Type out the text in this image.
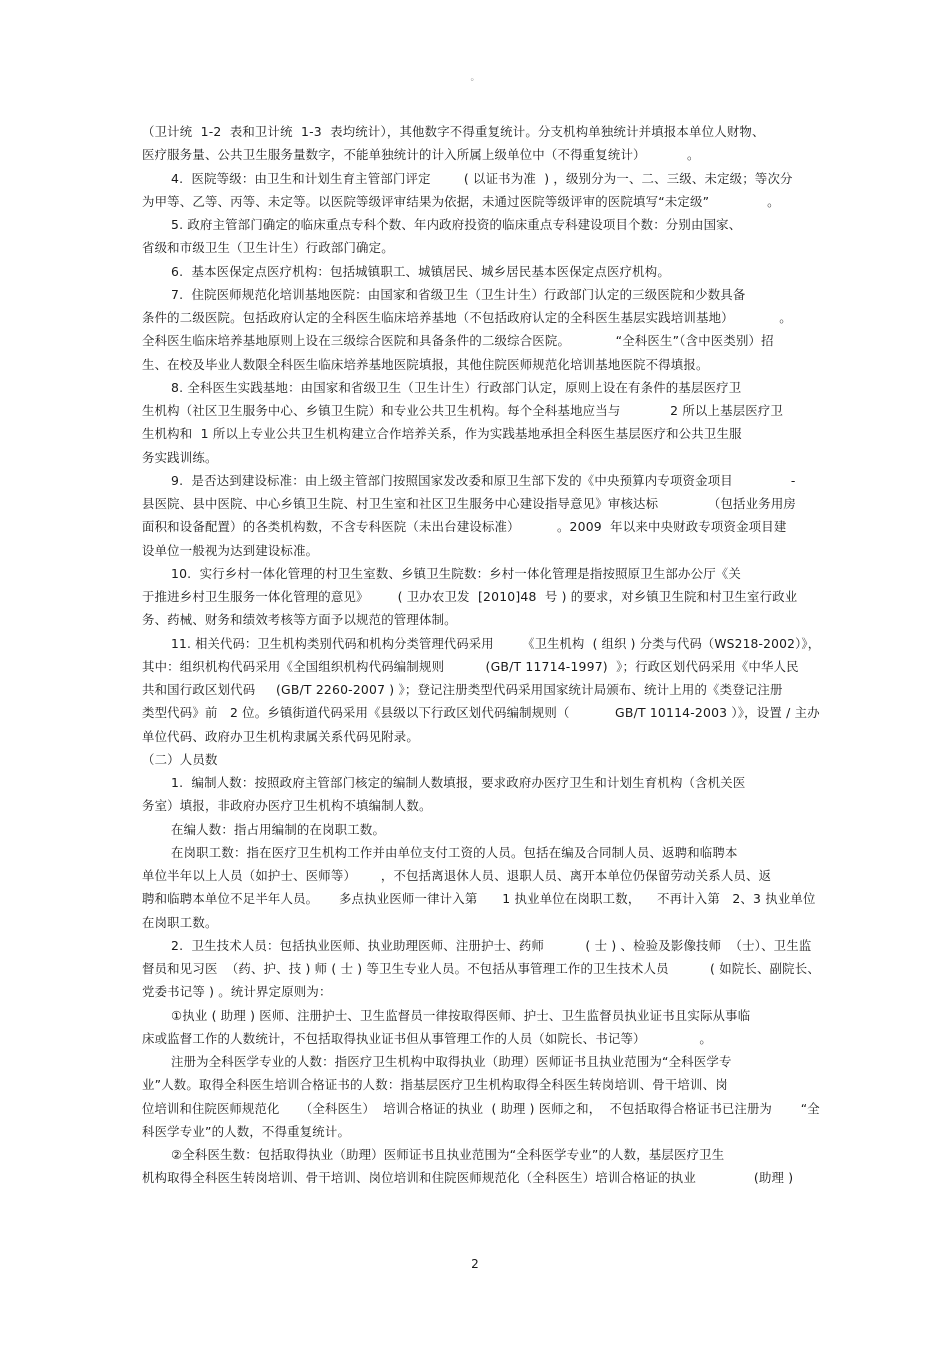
。
（卫计统  1-2  表和卫计统  1-3  表均统计），其他数字不得重复统计。分支机构单独统计并填报本单位人财物、
医疗服务量、公共卫生服务量数字，不能单独统计的计入所属上级单位中（不得重复统计）          。
4.  医院等级：由卫生和计划生育主管部门评定        ( 以证书为准  ) ，级别分为一、二、三级、未定级；等次分
为甲等、乙等、丙等、未定等。以医院等级评审结果为依据，未通过医院等级评审的医院填写“未定级”              。
5. 政府主管部门确定的临床重点专科个数、年内政府投资的临床重点专科建设项目个数：分别由国家、
省级和市级卫生（卫生计生）行政部门确定。
6.  基本医保定点医疗机构：包括城镇职工、城镇居民、城乡居民基本医保定点医疗机构。
7.  住院医师规范化培训基地医院：由国家和省级卫生（卫生计生）行政部门认定的三级医院和少数具备
条件的二级医院。包括政府认定的全科医生临床培养基地（不包括政府认定的全科医生基层实践培训基地）           。
全科医生临床培养基地原则上设在三级综合医院和具备条件的二级综合医院。           “全科医生”（含中医类别）招
生、在校及毕业人数限全科医生临床培养基地医院填报，其他住院医师规范化培训基地医院不得填报。
8. 全科医生实践基地：由国家和省级卫生（卫生计生）行政部门认定，原则上设在有条件的基层医疗卫
生机构（社区卫生服务中心、乡镇卫生院）和专业公共卫生机构。每个全科基地应当与            2 所以上基层医疗卫
生机构和  1 所以上专业公共卫生机构建立合作培养关系，作为实践基地承担全科医生基层医疗和公共卫生服
务实践训练。
9.  是否达到建设标准：由上级主管部门按照国家发改委和原卫生部下发的《中央预算内专项资金项目              -
县医院、县中医院、中心乡镇卫生院、村卫生室和社区卫生服务中心建设指导意见》审核达标            （包括业务用房
面积和设备配置）的各类机构数，不含专科医院（未出台建设标准）         。2009  年以来中央财政专项资金项目建
设单位一般视为达到建设标准。
10.  实行乡村一体化管理的村卫生室数、乡镇卫生院数：乡村一体化管理是指按照原卫生部办公厅《关
于推进乡村卫生服务一体化管理的意见》       ( 卫办农卫发  [2010]48  号 ) 的要求，对乡镇卫生院和村卫生室行政业
务、药械、财务和绩效考核等方面予以规范的管理体制。
11. 相关代码：卫生机构类别代码和机构分类管理代码采用       《卫生机构  ( 组织 ) 分类与代码（WS218-2002）》，
其中：组织机构代码采用《全国组织机构代码编制规则          (GB/T 11714-1997)  》；行政区划代码采用《中华人民
共和国行政区划代码     (GB/T 2260-2007 ) 》；登记注册类型代码采用国家统计局颁布、统计上用的《类登记注册
类型代码》前   2 位。乡镇街道代码采用《县级以下行政区划代码编制规则（           GB/T 10114-2003 ）》，设置 / 主办
单位代码、政府办卫生机构隶属关系代码见附录。
（二）人员数
1.  编制人数：按照政府主管部门核定的编制人数填报，要求政府办医疗卫生和计划生育机构（含机关医
务室）填报，非政府办医疗卫生机构不填编制人数。
在编人数：指占用编制的在岗职工数。
在岗职工数：指在医疗卫生机构工作并由单位支付工资的人员。包括在编及合同制人员、返聘和临聘本
单位半年以上人员（如护士、医师等）      ，不包括离退休人员、退职人员、离开本单位仍保留劳动关系人员、返
聘和临聘本单位不足半年人员。     多点执业医师一律计入第      1 执业单位在岗职工数，    不再计入第   2、3 执业单位
在岗职工数。
2.  卫生技术人员：包括执业医师、执业助理医师、注册护士、药师          ( 士 ) 、检验及影像技师  （士）、卫生监
督员和见习医  （药、护、技 ) 师 ( 士 ) 等卫生专业人员。不包括从事管理工作的卫生技术人员          ( 如院长、副院长、
党委书记等 ) 。统计界定原则为：
①执业 ( 助理 ) 医师、注册护士、卫生监督员一律按取得医师、护士、卫生监督员执业证书且实际从事临
床或监督工作的人数统计，不包括取得执业证书但从事管理工作的人员（如院长、书记等）             。
注册为全科医学专业的人数：指医疗卫生机构中取得执业（助理）医师证书且执业范围为“全科医学专
业”人数。取得全科医生培训合格证书的人数：指基层医疗卫生机构取得全科医生转岗培训、骨干培训、岗
位培训和住院医师规范化     （全科医生）  培训合格证的执业  ( 助理 ) 医师之和，  不包括取得合格证书已注册为       “全
科医学专业”的人数，不得重复统计。
②全科医生数：包括取得执业（助理）医师证书且执业范围为“全科医学专业”的人数，基层医疗卫生
机构取得全科医生转岗培训、骨干培训、岗位培训和住院医师规范化（全科医生）培训合格证的执业              (助理 )
2
